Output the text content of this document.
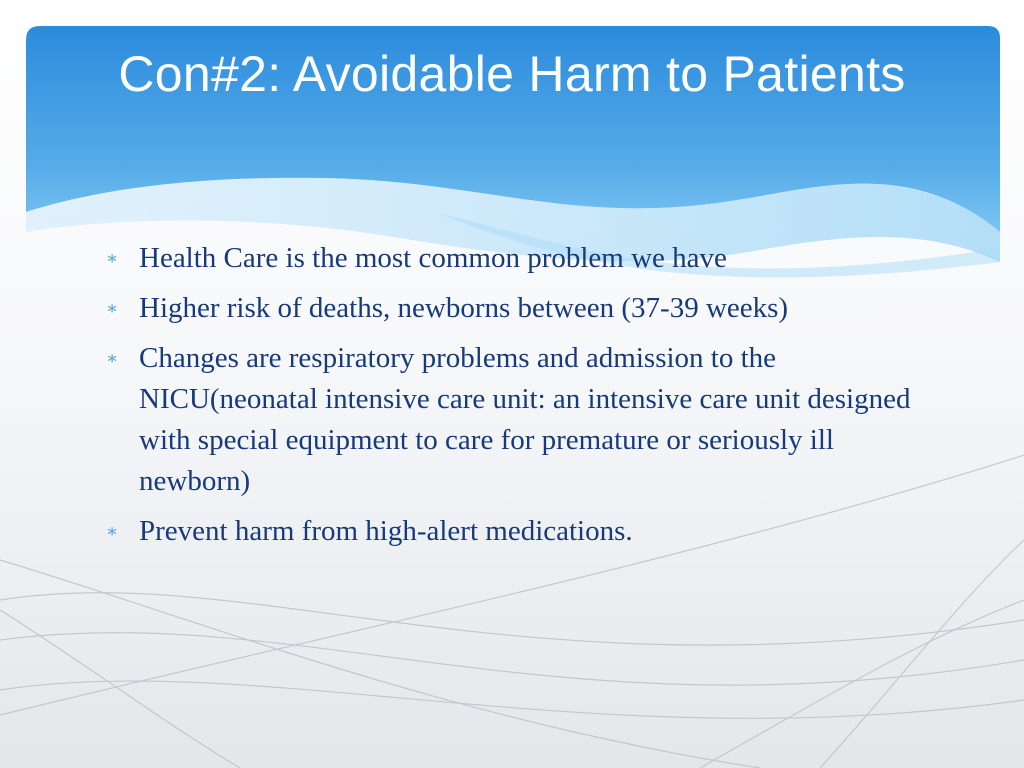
Con#2: Avoidable Harm to Patients
∗ Health Care is the most common problem we have
∗ Higher risk of deaths, newborns between (37-39 weeks)
∗ Changes are respiratory problems and admission to the NICU(neonatal intensive care unit: an intensive care unit designed with special equipment to care for premature or seriously ill newborn)
∗ Prevent harm from high-alert medications.
